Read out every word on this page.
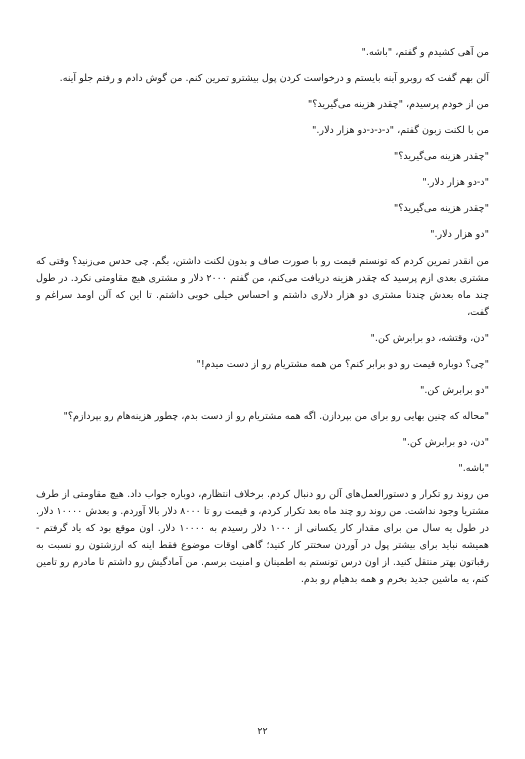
من آهی کشیدم و گفتم، "باشه."

آلن بهم گفت که روبرو آینه بایستم و درخواست کردن پول بیشترو تمرین کنم. من گوش دادم و رفتم جلو آینه.

من از خودم پرسیدم، "چقدر هزینه می‌گیرید؟"

من با لکنت زبون گفتم، "د-د-د-دو هزار دلار."

"چقدر هزینه می‌گیرید؟"

"د-دو هزار دلار."

"چقدر هزینه می‌گیرید؟"

"دو هزار دلار."

من انقدر تمرین کردم که تونستم قیمت رو با صورت صاف و بدون لکنت داشتن، بگم. چی حدس می‌زنید؟ وقتی که مشتری بعدی ازم پرسید که چقدر هزینه دریافت می‌کنم، من گفتم ۲۰۰۰ دلار و مشتری هیچ مقاومتی نکرد. در طول چند ماه بعدش چندتا مشتری دو هزار دلاری داشتم و احساس خیلی خوبی داشتم. تا این که آلن اومد سراغم و گفت،

"دن، وقتشه، دو برابرش کن."

"چی؟ دوباره قیمت رو دو برابر کنم؟ من همه مشتریام رو از دست میدم!"

"دو برابرش کن."

"محاله که چنین بهایی رو برای من بپردازن. اگه همه مشتریام رو از دست بدم، چطور هزینه‌هام رو بپردازم؟"

"دن، دو برابرش کن."

"باشه."

من روند رو تکرار و دستورالعمل‌های آلن رو دنبال کردم. برخلاف انتظارم، دوباره جواب داد. هیچ مقاومتی از طرف مشتریا وجود نداشت. من روند رو چند ماه بعد تکرار کردم، و قیمت رو تا ۸۰۰۰ دلار بالا آوردم. و بعدش ۱۰۰۰۰ دلار. در طول یه سال من برای مقدار کار یکسانی از ۱۰۰۰ دلار رسیدم به ۱۰۰۰۰ دلار. اون موقع بود که یاد گرفتم - همیشه نباید برای بیشتر پول در آوردن سختتر کار کنید؛ گاهی اوقات موضوع فقط اینه که ارزشتون رو نسبت به رقباتون بهتر منتقل کنید. از اون درس تونستم به اطمینان و امنیت برسم. من آمادگیش رو داشتم تا مادرم رو تامین کنم، یه ماشین جدید بخرم و همه بدهیام رو بدم.

۲۲
